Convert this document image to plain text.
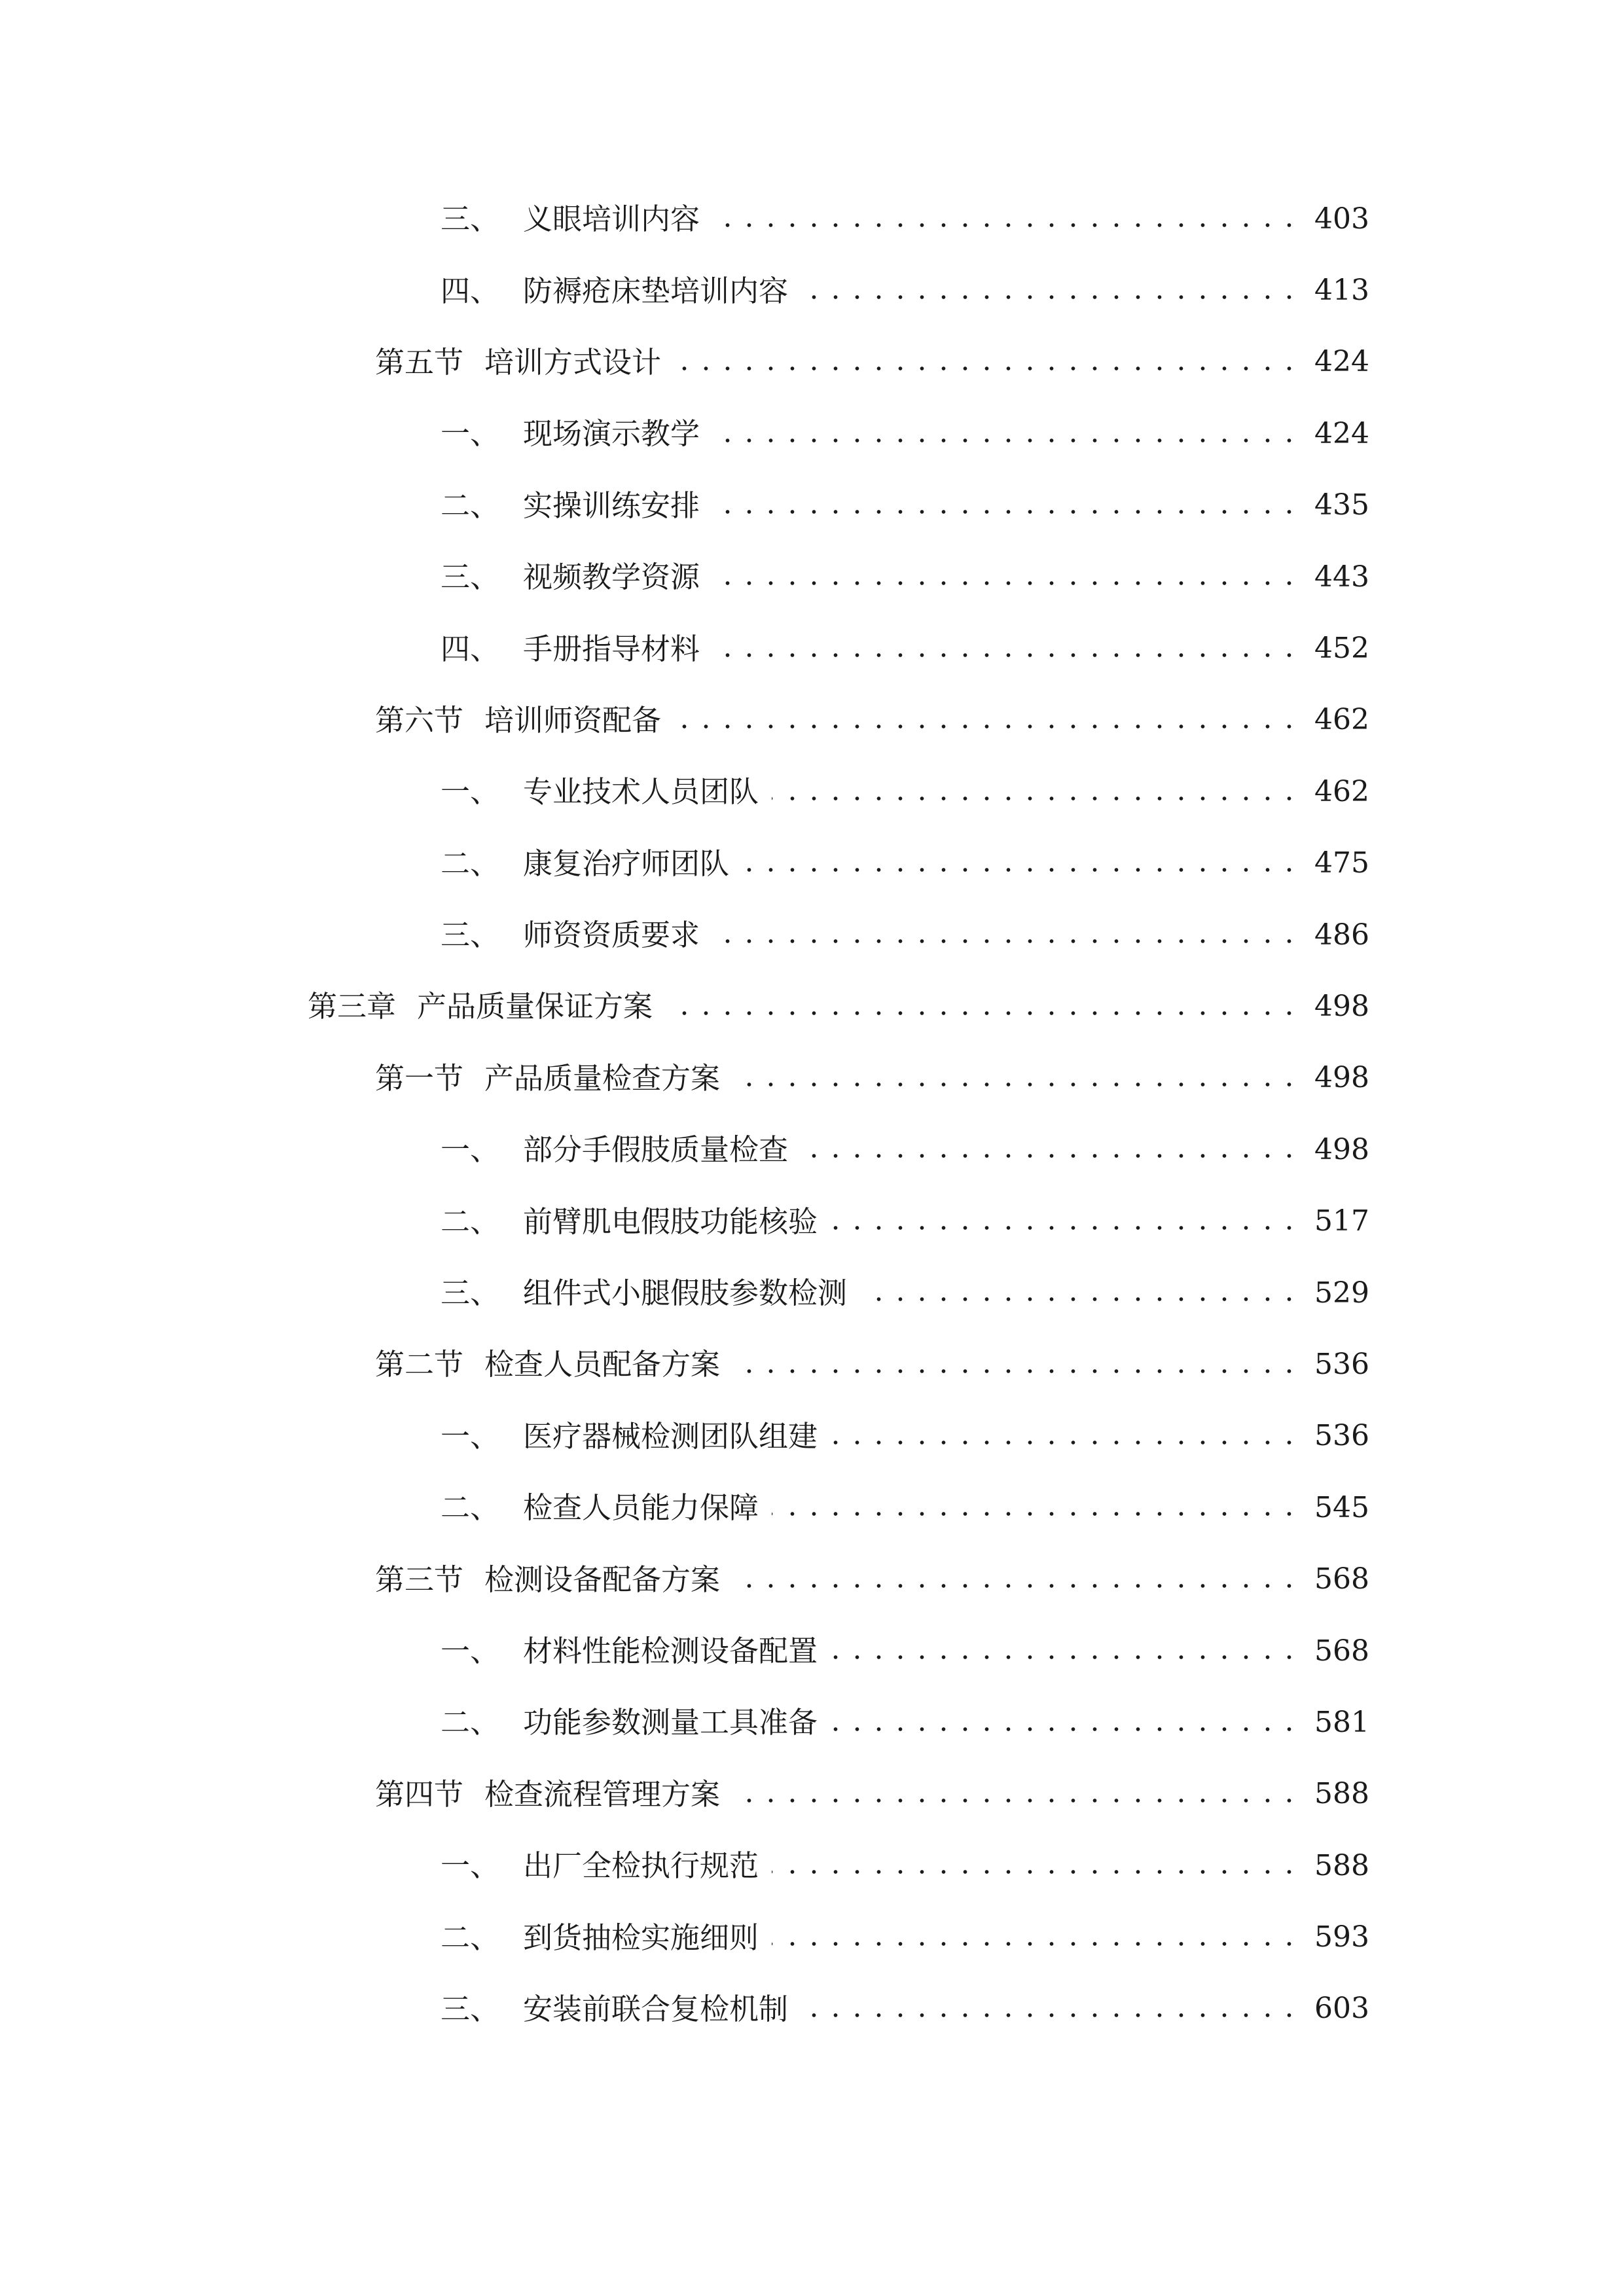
三、 义眼培训内容	403
四、 防褥疮床垫培训内容	413
第五节 培训方式设计	424
一、 现场演示教学	424
二、 实操训练安排	435
三、 视频教学资源	443
四、 手册指导材料	452
第六节 培训师资配备	462
一、 专业技术人员团队	462
二、 康复治疗师团队	475
三、 师资资质要求	486
第三章 产品质量保证方案	498
第一节 产品质量检查方案	498
一、 部分手假肢质量检查	498
二、 前臂肌电假肢功能核验	517
三、 组件式小腿假肢参数检测	529
第二节 检查人员配备方案	536
一、 医疗器械检测团队组建	536
二、 检查人员能力保障	545
第三节 检测设备配备方案	568
一、 材料性能检测设备配置	568
二、 功能参数测量工具准备	581
第四节 检查流程管理方案	588
一、 出厂全检执行规范	588
二、 到货抽检实施细则	593
三、 安装前联合复检机制	603
